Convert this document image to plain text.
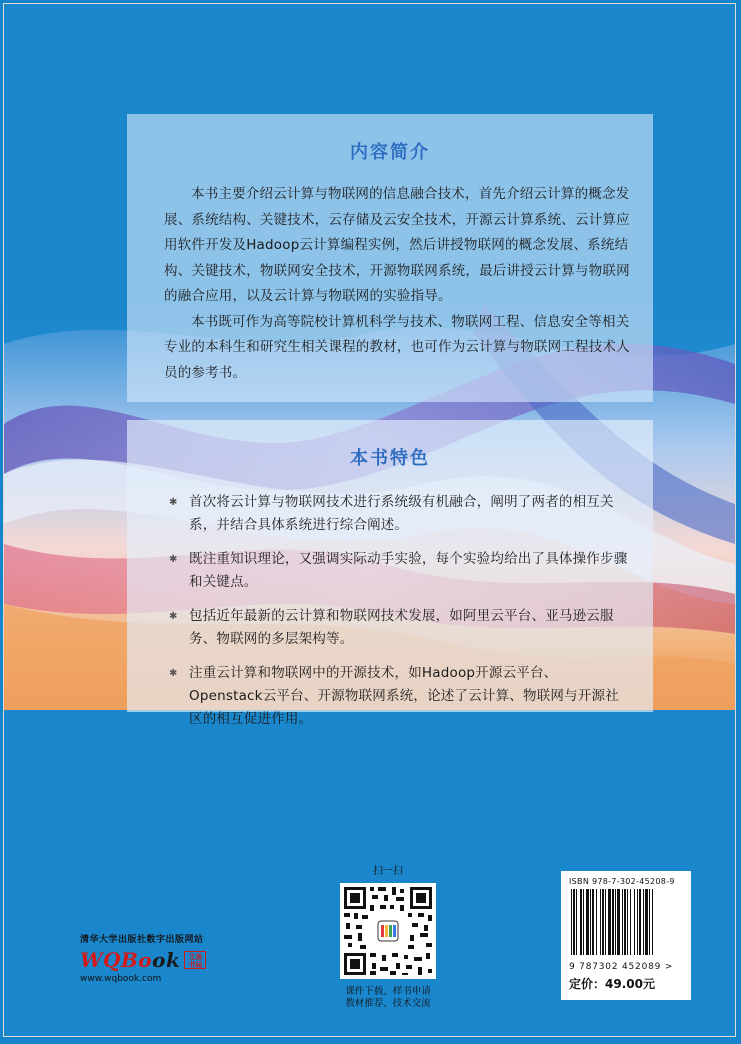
内容简介

本书主要介绍云计算与物联网的信息融合技术，首先介绍云计算的概念发展、系统结构、关键技术，云存储及云安全技术，开源云计算系统、云计算应用软件开发及Hadoop云计算编程实例，然后讲授物联网的概念发展、系统结构、关键技术，物联网安全技术，开源物联网系统，最后讲授云计算与物联网的融合应用，以及云计算与物联网的实验指导。

本书既可作为高等院校计算机科学与技术、物联网工程、信息安全等相关专业的本科生和研究生相关课程的教材，也可作为云计算与物联网工程技术人员的参考书。

本书特色
✱ 首次将云计算与物联网技术进行系统级有机融合，阐明了两者的相互关系，并结合具体系统进行综合阐述。
✱ 既注重知识理论，又强调实际动手实验，每个实验均给出了具体操作步骤和关键点。
✱ 包括近年最新的云计算和物联网技术发展，如阿里云平台、亚马逊云服务、物联网的多层架构等。
✱ 注重云计算和物联网中的开源技术，如Hadoop开源云平台、Openstack云平台、开源物联网系统，论述了云计算、物联网与开源社区的相互促进作用。
清华大学出版社数字出版网站
WQBook	文泉书局
www.wqbook.com
扫一扫
课件下载、样书申请
教材推荐、技术交流
ISBN 978-7-302-45208-9
9 787302 452089 >
定价：49.00元
